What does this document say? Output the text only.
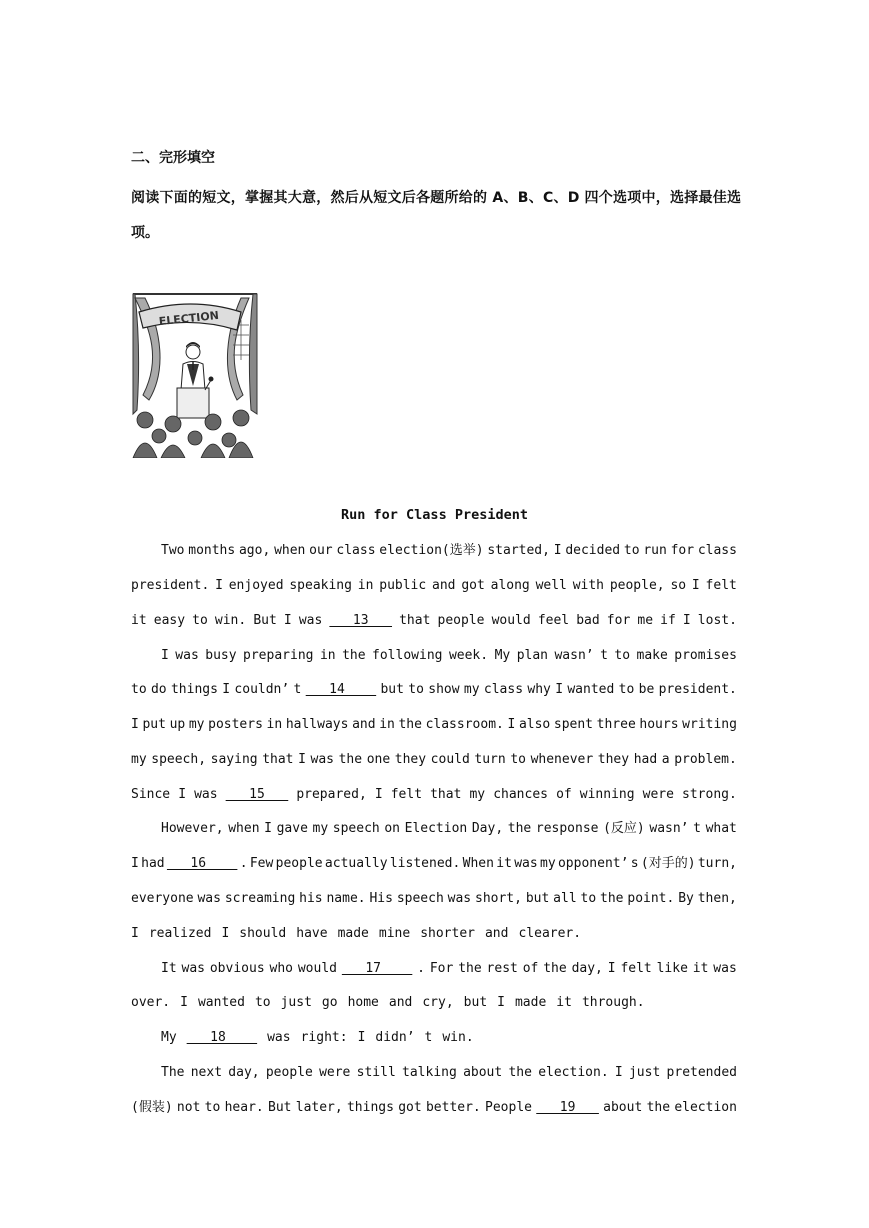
二、完形填空
阅读下面的短文，掌握其大意，然后从短文后各题所给的 A、B、C、D 四个选项中，选择最佳选项。
ELECTION
Run for Class President
Two months ago, when our class election(选举) started, I decided to run for class
president. I enjoyed speaking in public and got along well with people, so I felt
it easy to win. But I was 13 that people would feel bad for me if I lost.
I was busy preparing in the following week. My plan wasn’ t to make promises
to do things I couldn’ t 14 but to show my class why I wanted to be president.
I put up my posters in hallways and in the classroom. I also spent three hours writing
my speech, saying that I was the one they could turn to whenever they had a problem.
Since I was 15 prepared, I felt that my chances of winning were strong.
However, when I gave my speech on Election Day, the response (反应) wasn’ t what
I had 16 . Few people actually listened. When it was my opponent’ s (对手的) turn,
everyone was screaming his name. His speech was short, but all to the point. By then,
I realized I should have made mine shorter and clearer.
It was obvious who would 17 . For the rest of the day, I felt like it was
over. I wanted to just go home and cry, but I made it through.
My 18 was right: I didn’ t win.
The next day, people were still talking about the election. I just pretended
(假装) not to hear. But later, things got better. People 19 about the election
